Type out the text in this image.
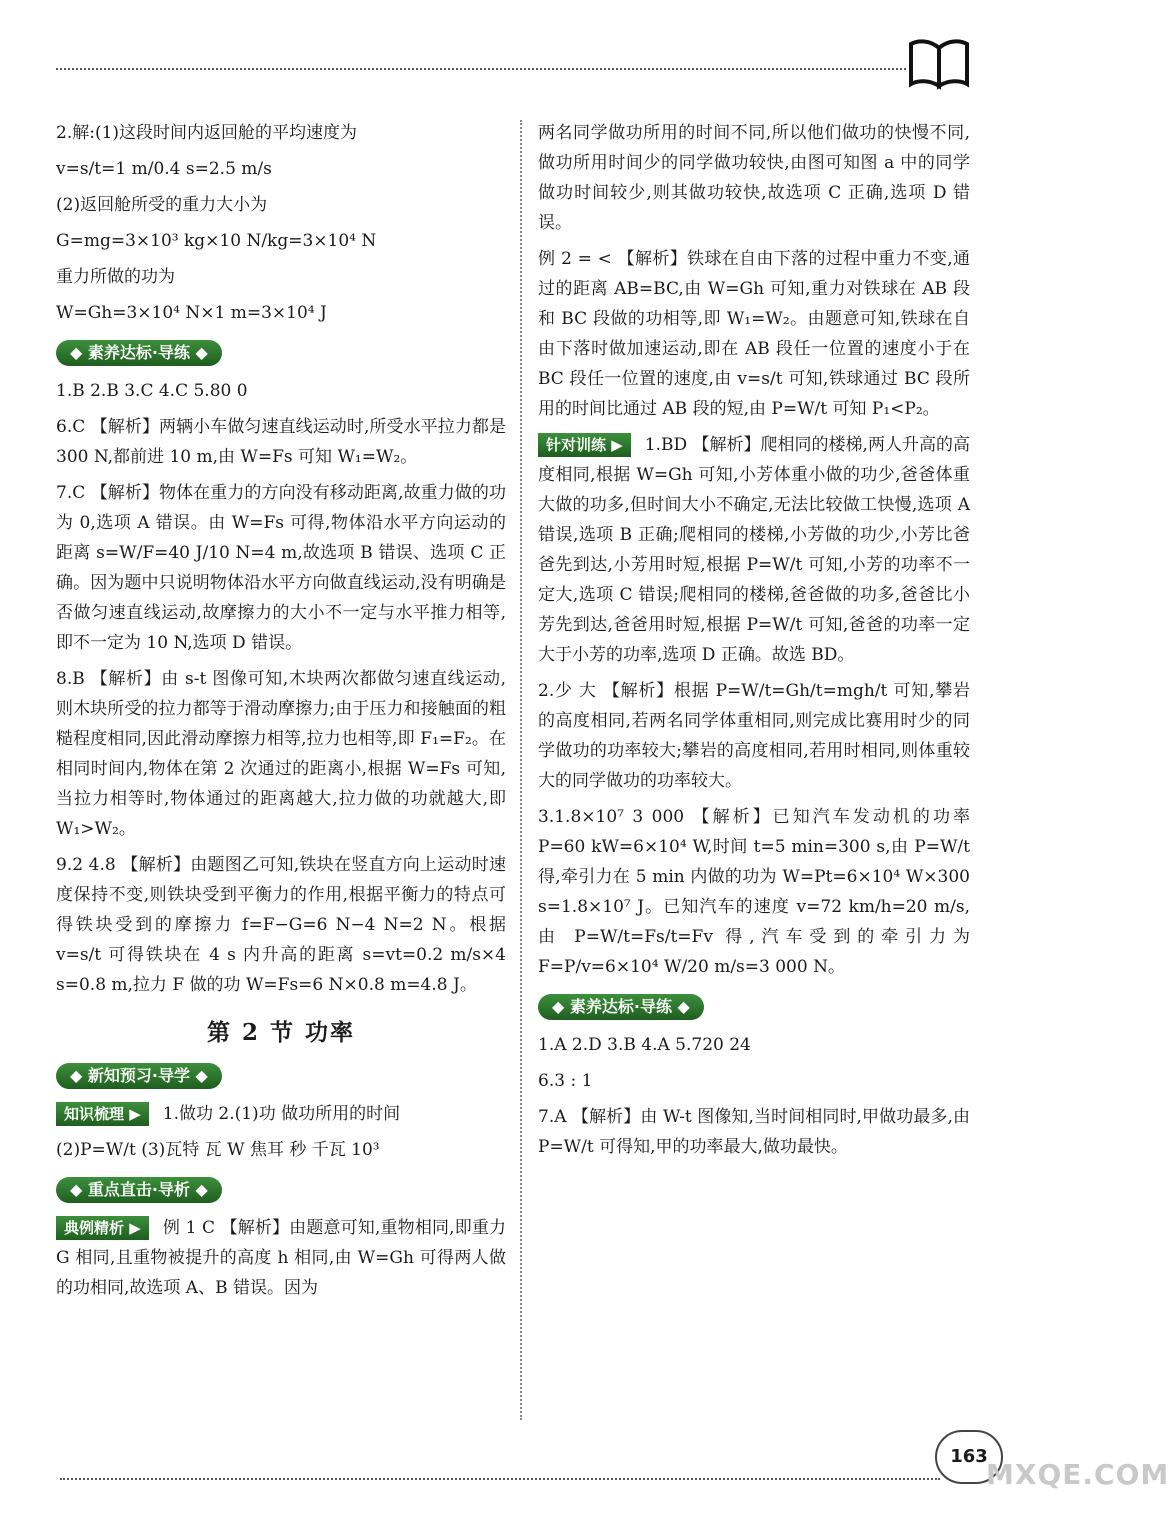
2.解:(1)这段时间内返回舱的平均速度为

v=s/t=1 m/0.4 s=2.5 m/s

(2)返回舱所受的重力大小为

G=mg=3×10³ kg×10 N/kg=3×10⁴ N

重力所做的功为

W=Gh=3×10⁴ N×1 m=3×10⁴ J

◆ 素养达标·导练 ◆

1.B 2.B 3.C 4.C 5.80 0

6.C 【解析】两辆小车做匀速直线运动时,所受水平拉力都是 300 N,都前进 10 m,由 W=Fs 可知 W₁=W₂。

7.C 【解析】物体在重力的方向没有移动距离,故重力做的功为 0,选项 A 错误。由 W=Fs 可得,物体沿水平方向运动的距离 s=W/F=40 J/10 N=4 m,故选项 B 错误、选项 C 正确。因为题中只说明物体沿水平方向做直线运动,没有明确是否做匀速直线运动,故摩擦力的大小不一定与水平推力相等,即不一定为 10 N,选项 D 错误。

8.B 【解析】由 s-t 图像可知,木块两次都做匀速直线运动,则木块所受的拉力都等于滑动摩擦力;由于压力和接触面的粗糙程度相同,因此滑动摩擦力相等,拉力也相等,即 F₁=F₂。在相同时间内,物体在第 2 次通过的距离小,根据 W=Fs 可知,当拉力相等时,物体通过的距离越大,拉力做的功就越大,即 W₁>W₂。

9.2 4.8 【解析】由题图乙可知,铁块在竖直方向上运动时速度保持不变,则铁块受到平衡力的作用,根据平衡力的特点可得铁块受到的摩擦力 f=F−G=6 N−4 N=2 N。根据 v=s/t 可得铁块在 4 s 内升高的距离 s=vt=0.2 m/s×4 s=0.8 m,拉力 F 做的功 W=Fs=6 N×0.8 m=4.8 J。

第 2 节 功率
◆ 新知预习·导学 ◆

知识梳理 ▶ 1.做功 2.(1)功 做功所用的时间

(2)P=W/t (3)瓦特 瓦 W 焦耳 秒 千瓦 10³

◆ 重点直击·导析 ◆

典例精析 ▶ 例 1 C 【解析】由题意可知,重物相同,即重力 G 相同,且重物被提升的高度 h 相同,由 W=Gh 可得两人做的功相同,故选项 A、B 错误。因为

两名同学做功所用的时间不同,所以他们做功的快慢不同,做功所用时间少的同学做功较快,由图可知图 a 中的同学做功时间较少,则其做功较快,故选项 C 正确,选项 D 错误。

例 2 = < 【解析】铁球在自由下落的过程中重力不变,通过的距离 AB=BC,由 W=Gh 可知,重力对铁球在 AB 段和 BC 段做的功相等,即 W₁=W₂。由题意可知,铁球在自由下落时做加速运动,即在 AB 段任一位置的速度小于在 BC 段任一位置的速度,由 v=s/t 可知,铁球通过 BC 段所用的时间比通过 AB 段的短,由 P=W/t 可知 P₁<P₂。

针对训练 ▶ 1.BD 【解析】爬相同的楼梯,两人升高的高度相同,根据 W=Gh 可知,小芳体重小做的功少,爸爸体重大做的功多,但时间大小不确定,无法比较做工快慢,选项 A 错误,选项 B 正确;爬相同的楼梯,小芳做的功少,小芳比爸爸先到达,小芳用时短,根据 P=W/t 可知,小芳的功率不一定大,选项 C 错误;爬相同的楼梯,爸爸做的功多,爸爸比小芳先到达,爸爸用时短,根据 P=W/t 可知,爸爸的功率一定大于小芳的功率,选项 D 正确。故选 BD。

2.少 大 【解析】根据 P=W/t=Gh/t=mgh/t 可知,攀岩的高度相同,若两名同学体重相同,则完成比赛用时少的同学做功的功率较大;攀岩的高度相同,若用时相同,则体重较大的同学做功的功率较大。

3.1.8×10⁷ 3 000 【解析】已知汽车发动机的功率 P=60 kW=6×10⁴ W,时间 t=5 min=300 s,由 P=W/t 得,牵引力在 5 min 内做的功为 W=Pt=6×10⁴ W×300 s=1.8×10⁷ J。已知汽车的速度 v=72 km/h=20 m/s,由 P=W/t=Fs/t=Fv 得,汽车受到的牵引力为 F=P/v=6×10⁴ W/20 m/s=3 000 N。

◆ 素养达标·导练 ◆

1.A 2.D 3.B 4.A 5.720 24

6.3 : 1

7.A 【解析】由 W-t 图像知,当时间相同时,甲做功最多,由 P=W/t 可得知,甲的功率最大,做功最快。

163
MXQE.COM
